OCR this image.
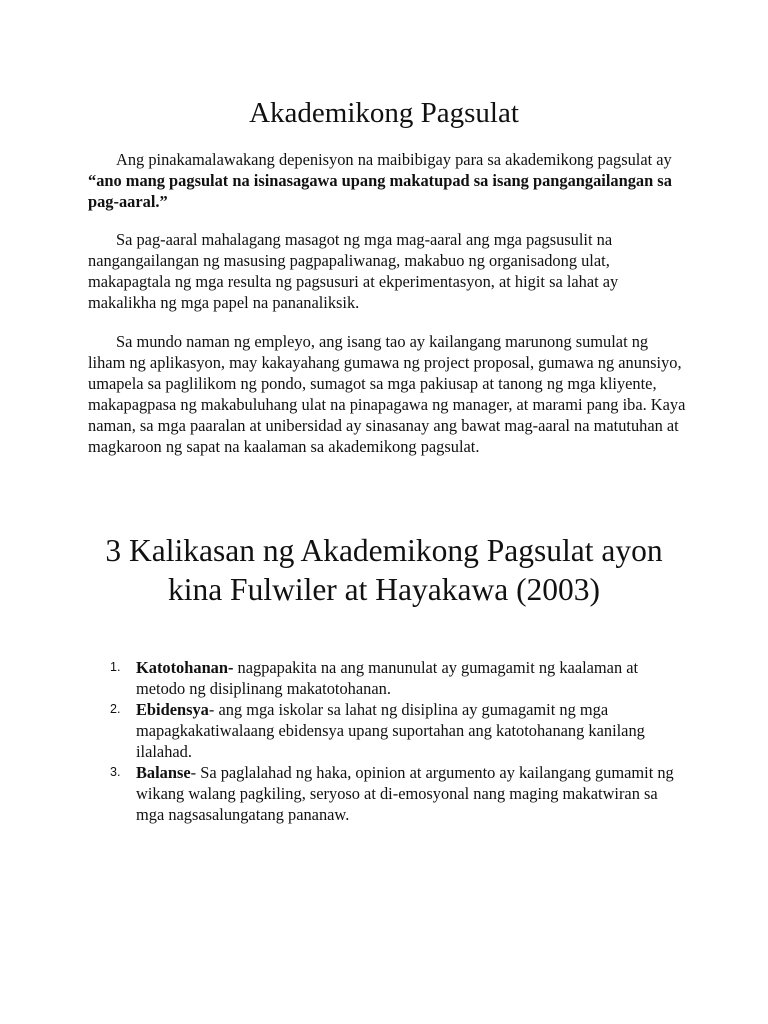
Akademikong Pagsulat

Ang pinakamalawakang depenisyon na maibibigay para sa akademikong pagsulat ay “ano mang pagsulat na isinasagawa upang makatupad sa isang pangangailangan sa pag-aaral.”

Sa pag-aaral mahalagang masagot ng mga mag-aaral ang mga pagsusulit na nangangailangan ng masusing pagpapaliwanag, makabuo ng organisadong ulat, makapagtala ng mga resulta ng pagsusuri at ekperimentasyon, at higit sa lahat ay makalikha ng mga papel na pananaliksik.

Sa mundo naman ng empleyo, ang isang tao ay kailangang marunong sumulat ng liham ng aplikasyon, may kakayahang gumawa ng project proposal, gumawa ng anunsiyo, umapela sa paglilikom ng pondo, sumagot sa mga pakiusap at tanong ng mga kliyente, makapagpasa ng makabuluhang ulat na pinapagawa ng manager, at marami pang iba. Kaya naman, sa mga paaralan at unibersidad ay sinasanay ang bawat mag-aaral na matutuhan at magkaroon ng sapat na kaalaman sa akademikong pagsulat.

3 Kalikasan ng Akademikong Pagsulat ayon
kina Fulwiler at Hayakawa (2003)
1. Katotohanan- nagpapakita na ang manunulat ay gumagamit ng kaalaman at metodo ng disiplinang makatotohanan.
2. Ebidensya- ang mga iskolar sa lahat ng disiplina ay gumagamit ng mga mapagkakatiwalaang ebidensya upang suportahan ang katotohanang kanilang ilalahad.
3. Balanse- Sa paglalahad ng haka, opinion at argumento ay kailangang gumamit ng wikang walang pagkiling, seryoso at di-emosyonal nang maging makatwiran sa mga nagsasalungatang pananaw.
